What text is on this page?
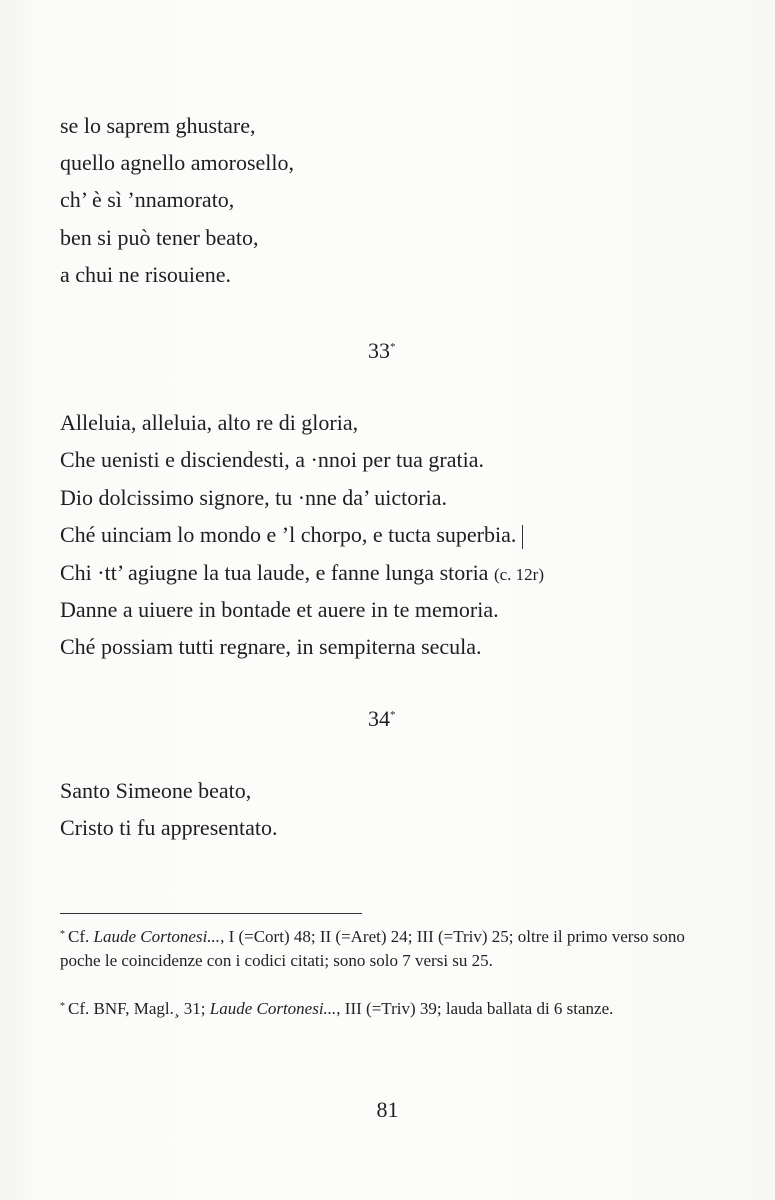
se lo saprem ghustare,
quello agnello amorosello,
ch’ è sì ’nnamorato,
ben si può tener beato,
a chui ne risouiene.
33*
Alleluia, alleluia, alto re di gloria,
Che uenisti e disciendesti, a ·nnoi per tua gratia.
Dio dolcissimo signore, tu ·nne da’ uictoria.
Ché uinciam lo mondo e ’l chorpo, e tucta superbia.
Chi ·tt’ agiugne la tua laude, e fanne lunga storia (c. 12r)
Danne a uiuere in bontade et auere in te memoria.
Ché possiam tutti regnare, in sempiterna secula.
34*
Santo Simeone beato,
Cristo ti fu appresentato.
* Cf. Laude Cortonesi..., I (=Cort) 48; II (=Aret) 24; III (=Triv) 25; oltre il primo verso sono poche le coincidenze con i codici citati; sono solo 7 versi su 25.
* Cf. BNF, Magl.¸ 31; Laude Cortonesi..., III (=Triv) 39; lauda ballata di 6 stanze.
81
